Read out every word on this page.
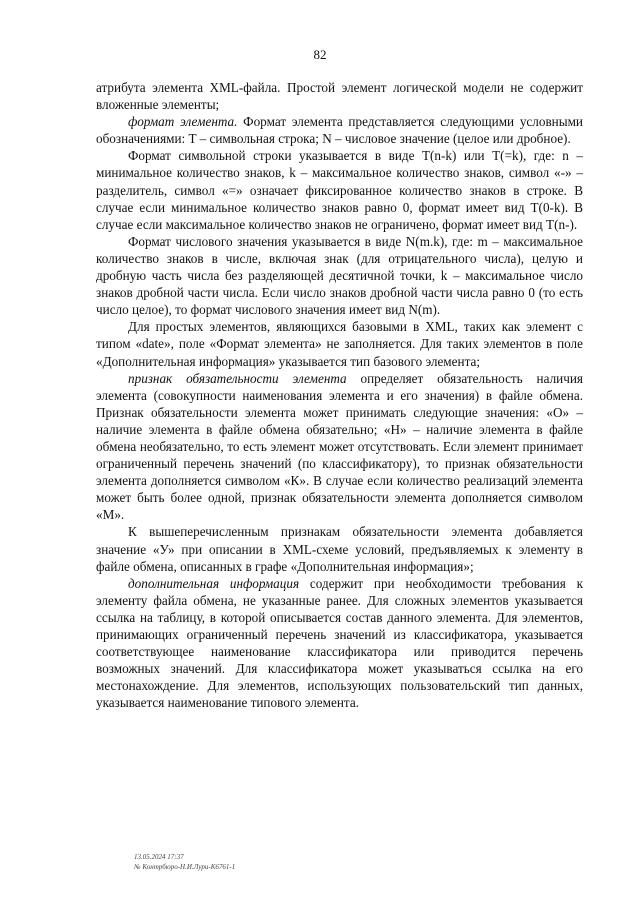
82

атрибута элемента XML-файла. Простой элемент логической модели не содержит вложенные элементы;

формат элемента. Формат элемента представляется следующими условными обозначениями: T – символьная строка; N – числовое значение (целое или дробное).

Формат символьной строки указывается в виде T(n-k) или T(=k), где: n – минимальное количество знаков, k – максимальное количество знаков, символ «-» – разделитель, символ «=» означает фиксированное количество знаков в строке. В случае если минимальное количество знаков равно 0, формат имеет вид T(0-k). В случае если максимальное количество знаков не ограничено, формат имеет вид T(n-).

Формат числового значения указывается в виде N(m.k), где: m – максимальное количество знаков в числе, включая знак (для отрицательного числа), целую и дробную часть числа без разделяющей десятичной точки, k – максимальное число знаков дробной части числа. Если число знаков дробной части числа равно 0 (то есть число целое), то формат числового значения имеет вид N(m).

Для простых элементов, являющихся базовыми в XML, таких как элемент с типом «date», поле «Формат элемента» не заполняется. Для таких элементов в поле «Дополнительная информация» указывается тип базового элемента;

признак обязательности элемента определяет обязательность наличия элемента (совокупности наименования элемента и его значения) в файле обмена. Признак обязательности элемента может принимать следующие значения: «О» – наличие элемента в файле обмена обязательно; «Н» – наличие элемента в файле обмена необязательно, то есть элемент может отсутствовать. Если элемент принимает ограниченный перечень значений (по классификатору), то признак обязательности элемента дополняется символом «К». В случае если количество реализаций элемента может быть более одной, признак обязательности элемента дополняется символом «М».

К вышеперечисленным признакам обязательности элемента добавляется значение «У» при описании в XML-схеме условий, предъявляемых к элементу в файле обмена, описанных в графе «Дополнительная информация»;

дополнительная информация содержит при необходимости требования к элементу файла обмена, не указанные ранее. Для сложных элементов указывается ссылка на таблицу, в которой описывается состав данного элемента. Для элементов, принимающих ограниченный перечень значений из классификатора, указывается соответствующее наименование классификатора или приводится перечень возможных значений. Для классификатора может указываться ссылка на его местонахождение. Для элементов, использующих пользовательский тип данных, указывается наименование типового элемента.

13.05.2024 17:37
№ Контрбюро-Н.И.Лури-К6761-1
